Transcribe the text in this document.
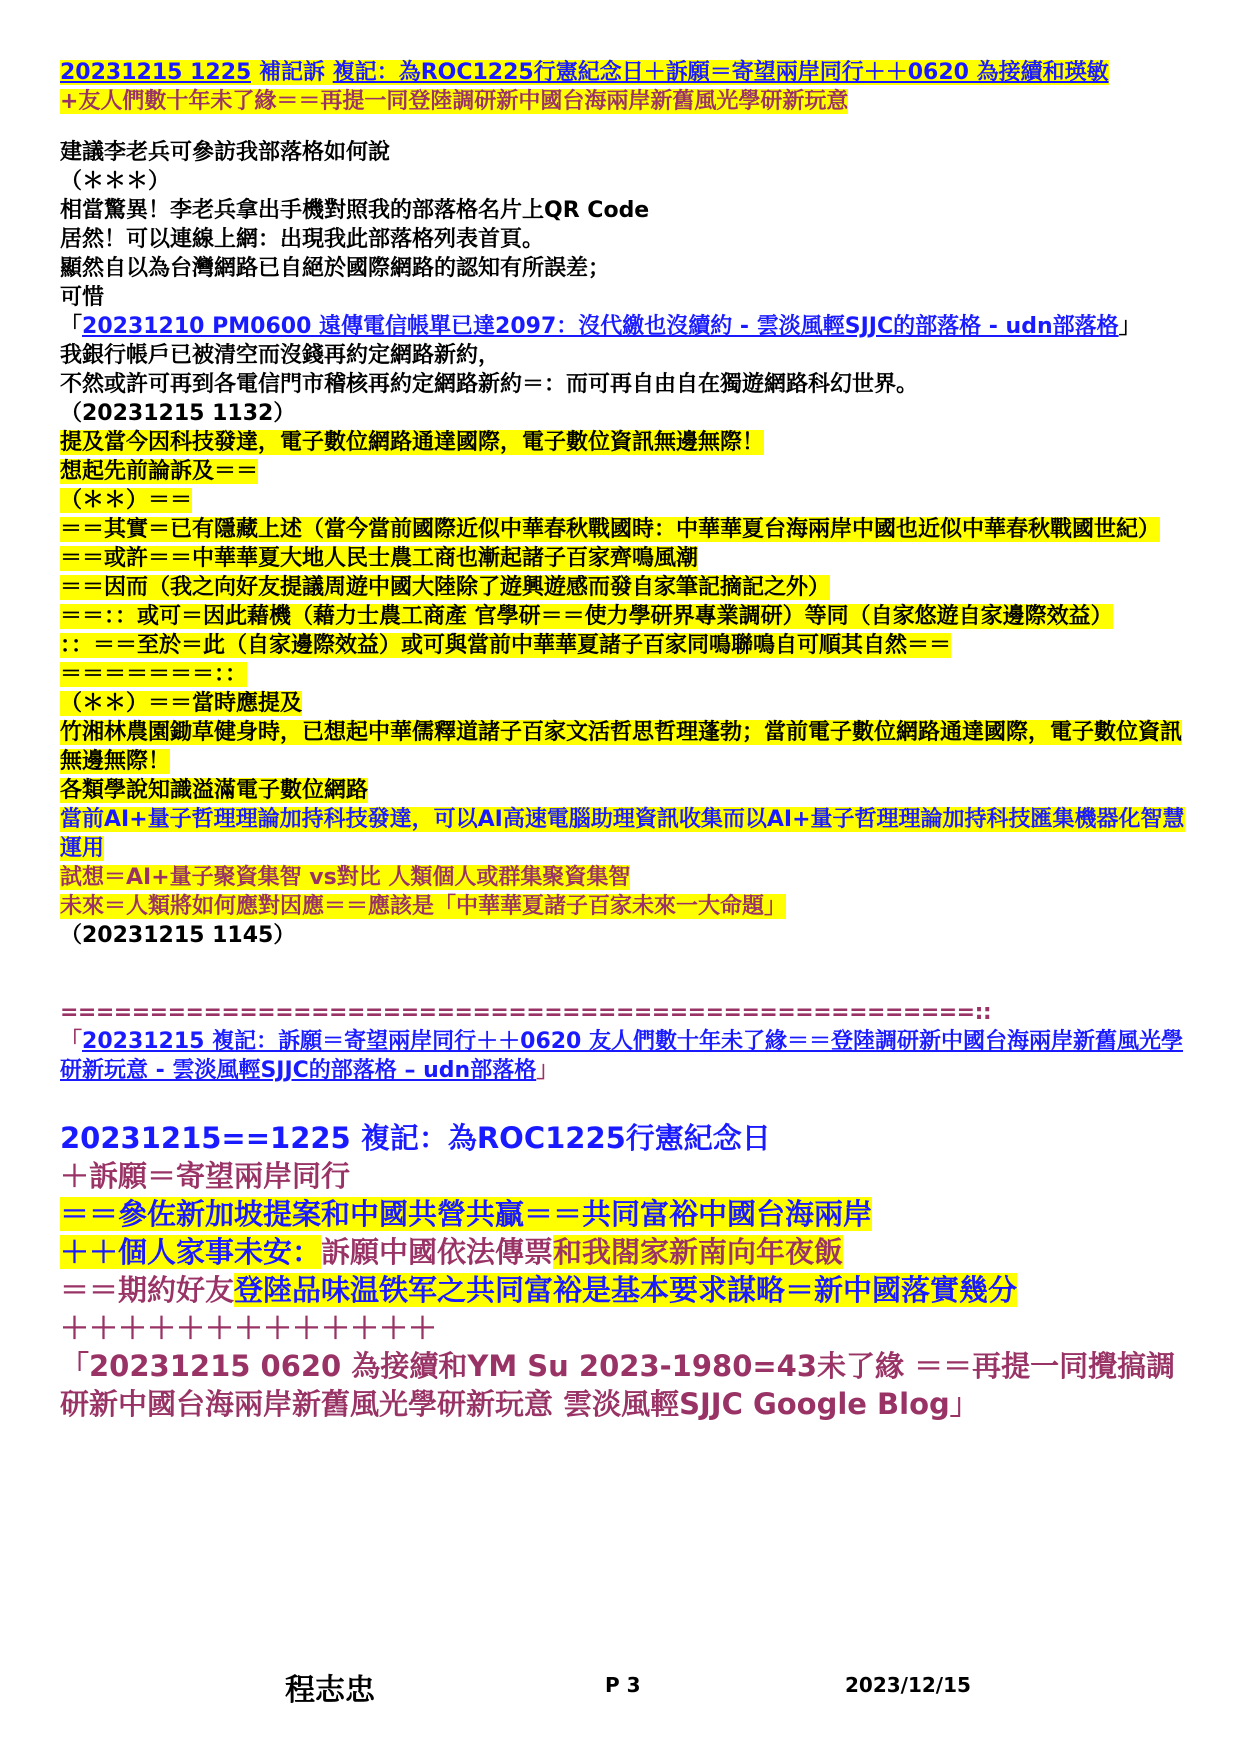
20231215 1225 補記訴 複記：為ROC1225行憲紀念日＋訴願＝寄望兩岸同行＋＋0620 為接續和瑛敏

+友人們數十年未了緣＝＝再提一同登陸調研新中國台海兩岸新舊風光學研新玩意

建議李老兵可參訪我部落格如何說

（＊＊＊）

相當驚異！李老兵拿出手機對照我的部落格名片上QR Code

居然！可以連線上網：出現我此部落格列表首頁。

顯然自以為台灣網路已自絕於國際網路的認知有所誤差；

可惜

「20231210 PM0600 遠傳電信帳單已達2097：沒代繳也沒續約 - 雲淡風輕SJJC的部落格 - udn部落格」

我銀行帳戶已被清空而沒錢再約定網路新約，

不然或許可再到各電信門市稽核再約定網路新約＝：而可再自由自在獨遊網路科幻世界。

（20231215 1132）

提及當今因科技發達，電子數位網路通達國際，電子數位資訊無邊無際！

想起先前論訴及＝＝

（＊＊）＝＝

＝＝其實＝已有隱藏上述（當今當前國際近似中華春秋戰國時：中華華夏台海兩岸中國也近似中華春秋戰國世紀）

＝＝或許＝＝中華華夏大地人民士農工商也漸起諸子百家齊鳴風潮

＝＝因而（我之向好友提議周遊中國大陸除了遊興遊感而發自家筆記摘記之外）

＝＝：：或可＝因此藉機（藉力士農工商產 官學研＝＝使力學研界專業調研）等同（自家悠遊自家邊際效益）

：：＝＝至於＝此（自家邊際效益）或可與當前中華華夏諸子百家同鳴聯鳴自可順其自然＝＝

＝＝＝＝＝＝＝：：

（＊＊）＝＝當時應提及

竹湘林農園鋤草健身時，已想起中華儒釋道諸子百家文活哲思哲理蓬勃；當前電子數位網路通達國際，電子數位資訊無邊無際！

各類學說知識溢滿電子數位網路

當前AI+量子哲理理論加持科技發達，可以AI高速電腦助理資訊收集而以AI+量子哲理理論加持科技匯集機器化智慧運用

試想＝AI+量子聚資集智 vs對比 人類個人或群集聚資集智

未來＝人類將如何應對因應＝＝應該是「中華華夏諸子百家未來一大命題」

（20231215 1145）

===================================================::

「20231215 複記：訴願＝寄望兩岸同行＋＋0620 友人們數十年未了緣＝＝登陸調研新中國台海兩岸新舊風光學研新玩意 - 雲淡風輕SJJC的部落格 – udn部落格」

20231215==1225 複記：為ROC1225行憲紀念日

＋訴願＝寄望兩岸同行

＝＝參佐新加坡提案和中國共營共贏＝＝共同富裕中國台海兩岸

＋＋個人家事未安：訴願中國依法傳票和我閤家新南向年夜飯

＝＝期約好友登陸品味温铁军之共同富裕是基本要求謀略＝新中國落實幾分

＋＋＋＋＋＋＋＋＋＋＋＋＋

「20231215 0620 為接續和YM Su 2023-1980=43未了緣 ＝＝再提一同攪搞調研新中國台海兩岸新舊風光學研新玩意 雲淡風輕SJJC Google Blog」

程志忠	P 3	2023/12/15
